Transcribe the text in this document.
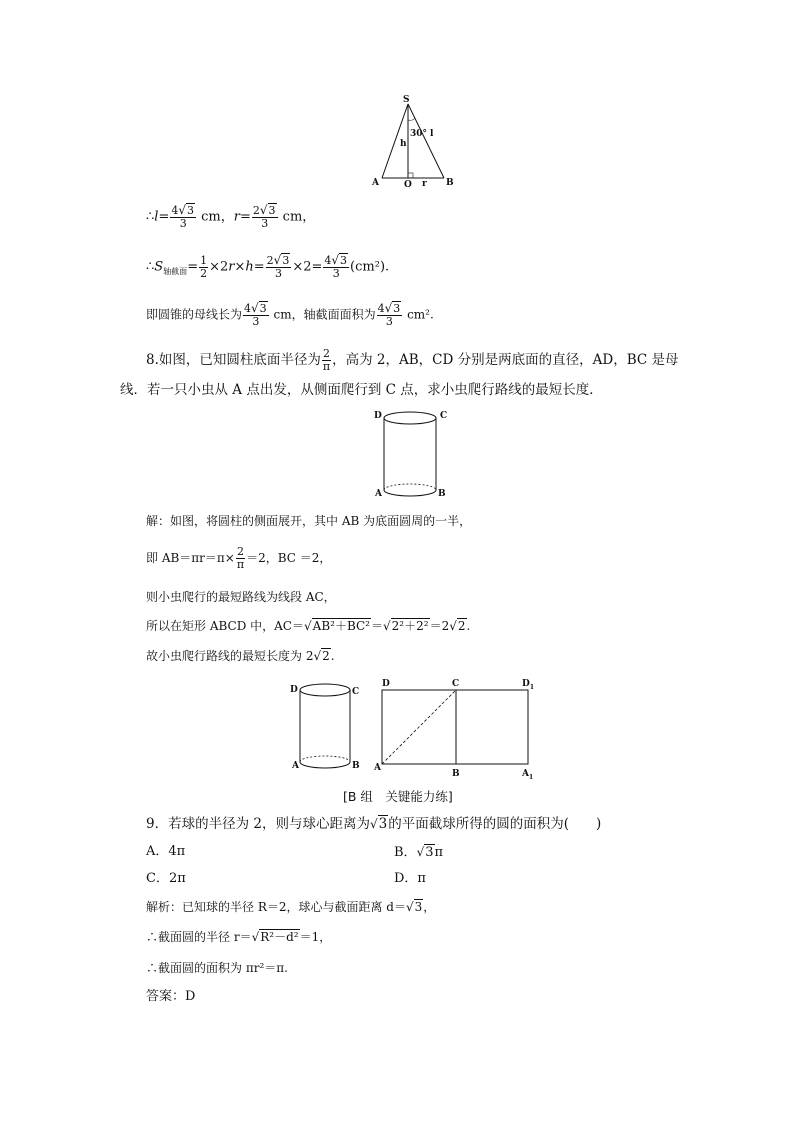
S
30° l
h
A	O r B
∴l= $\frac{4√3}{3}$ cm，$r= \frac{2√3}{3}$ cm，
$\therefore S_{轴截面}= \frac{1}{2} \times 2r\times h= \frac{2√3}{3} \times 2= \frac{4√3}{3} (cm^2)$.
即圆锥的母线长为 $\frac{4√3}{3}$ cm，轴截面面积为 $\frac{4√3}{3} cm^2$.
8.如图，已知圆柱底面半径为 $\frac{2}{\pi}$ ，高为 2，AB，CD 分别是两底面的直径，AD，BC 是母
线．若一只小虫从 A 点出发，从侧面爬行到 C 点，求小虫爬行路线的最短长度．
D	C
A	B
解：如图，将圆柱的侧面展开，其中 AB 为底面圆周的一半，
即 $AB=\pi r=\pi\times \frac{2}{\pi} =2$，BC ＝2，
则小虫爬行的最短路线为线段 AC，
所以在矩形 ABCD 中，AC＝√AB²＋BC²＝√2²＋2²＝2√2.
故小虫爬行路线的最短长度为 2√2.
D	C
A	B
D	C	$D_1$
A
B	$A_1$
[B 组　关键能力练]
9．若球的半径为 2，则与球心距离为√3的平面截球所得的圆的面积为(　　)
A．4π	B．√3π
C．2π	D．π
解析：已知球的半径 R＝2，球心与截面距离 d＝√3，
∴截面圆的半径 r＝√R²－d²＝1，
∴截面圆的面积为 πr²＝π.
答案：D
